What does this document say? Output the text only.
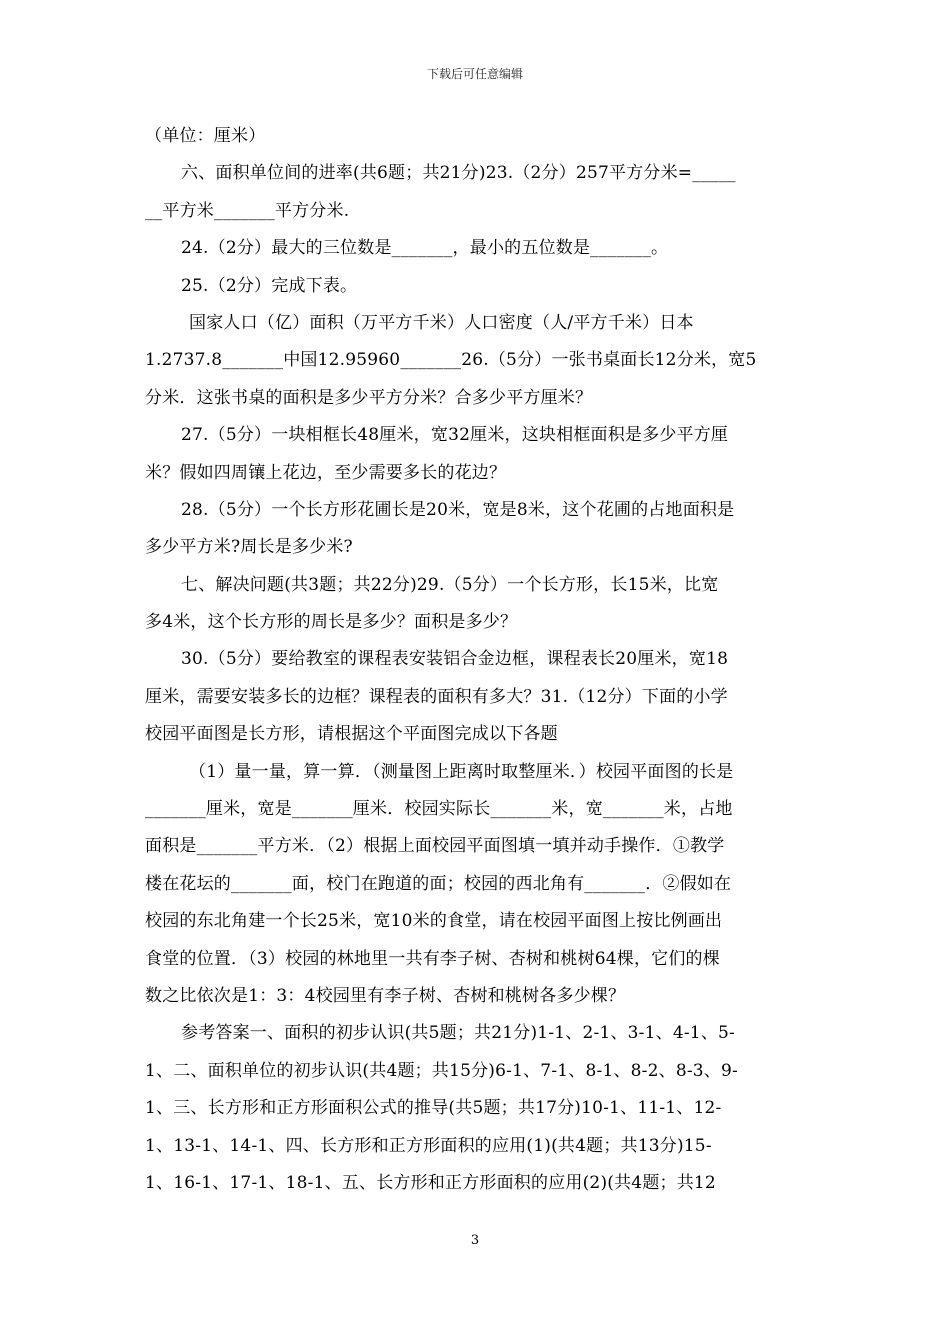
下载后可任意编辑
（单位：厘米）
六、面积单位间的进率(共6题；共21分)23.（2分）257平方分米=_____
__平方米_______平方分米.
24.（2分）最大的三位数是_______，最小的五位数是_______。
25.（2分）完成下表。
国家人口（亿）面积（万平方千米）人口密度（人/平方千米）日本
1.2737.8_______中国12.95960_______26.（5分）一张书桌面长12分米，宽5
分米．这张书桌的面积是多少平方分米？合多少平方厘米？
27.（5分）一块相框长48厘米，宽32厘米，这块相框面积是多少平方厘
米？假如四周镶上花边，至少需要多长的花边？
28.（5分）一个长方形花圃长是20米，宽是8米，这个花圃的占地面积是
多少平方米?周长是多少米?
七、解决问题(共3题；共22分)29.（5分）一个长方形，长15米，比宽
多4米，这个长方形的周长是多少？面积是多少？
30.（5分）要给教室的课程表安装铝合金边框，课程表长20厘米，宽18
厘米，需要安装多长的边框？课程表的面积有多大？31.（12分）下面的小学
校园平面图是长方形，请根据这个平面图完成以下各题
（1）量一量，算一算．（测量图上距离时取整厘米．）校园平面图的长是
_______厘米，宽是_______厘米．校园实际长_______米，宽_______米，占地
面积是_______平方米．（2）根据上面校园平面图填一填并动手操作．①教学
楼在花坛的_______面，校门在跑道的面；校园的西北角有_______．②假如在
校园的东北角建一个长25米，宽10米的食堂，请在校园平面图上按比例画出
食堂的位置．（3）校园的林地里一共有李子树、杏树和桃树64棵，它们的棵
数之比依次是1：3：4校园里有李子树、杏树和桃树各多少棵？
参考答案一、面积的初步认识(共5题；共21分)1-1、2-1、3-1、4-1、5-
1、二、面积单位的初步认识(共4题；共15分)6-1、7-1、8-1、8-2、8-3、9-
1、三、长方形和正方形面积公式的推导(共5题；共17分)10-1、11-1、12-
1、13-1、14-1、四、长方形和正方形面积的应用(1)(共4题；共13分)15-
1、16-1、17-1、18-1、五、长方形和正方形面积的应用(2)(共4题；共12
3
